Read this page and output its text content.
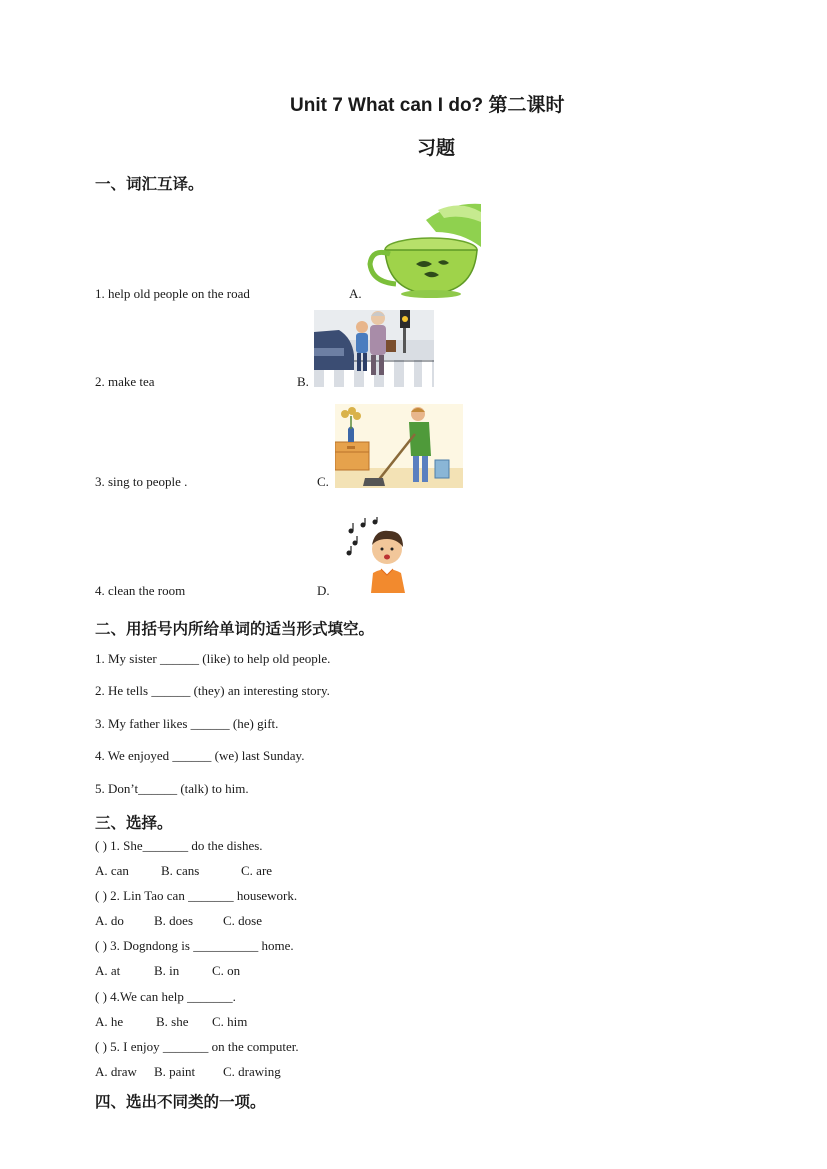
Unit 7 What can I do? 第二课时
习题
一、词汇互译。
1. help old people on the road	A.
2. make tea	B.
3. sing to people .	C.
4. clean the room	D.
二、用括号内所给单词的适当形式填空。
1. My sister ______ (like) to help old people.
2. He tells ______ (they) an interesting story.
3. My father likes ______ (he) gift.
4. We enjoyed ______ (we) last Sunday.
5. Don’t______ (talk) to him.
三、选择。
( ) 1. She_______ do the dishes.
A. can B. cans	C. are
( ) 2. Lin Tao can _______ housework.
A. do B. does C. dose
( ) 3. Dogndong is __________ home.
A. at	B. in	C. on
( ) 4.We can help _______.
A. he	B. she C. him
( ) 5. I enjoy _______ on the computer.
A. draw B. paint C. drawing
四、选出不同类的一项。
